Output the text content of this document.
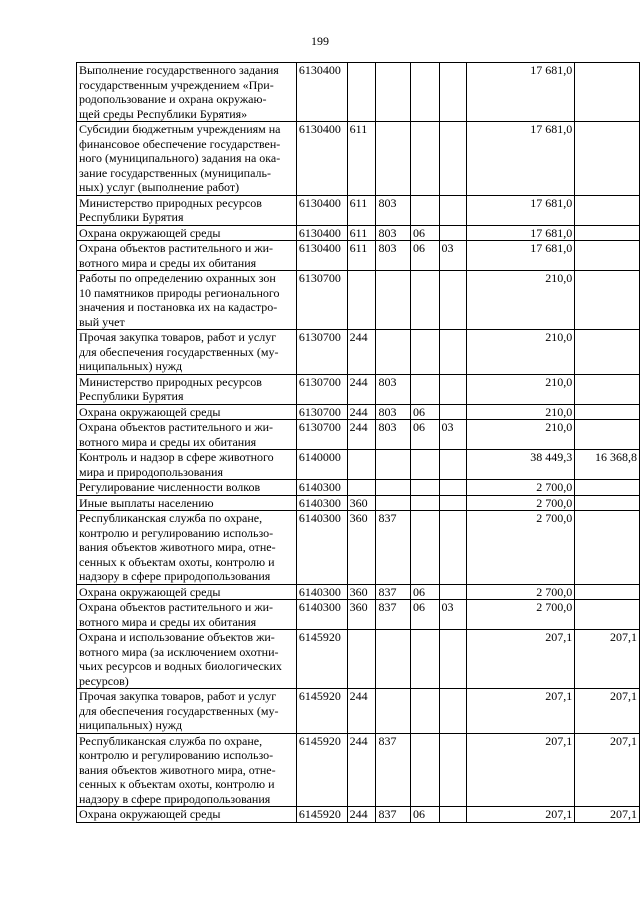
199
Выполнение государственного задания
государственным учреждением «При-
родопользование и охрана окружаю-
щей среды Республики Бурятия»	6130400					17 681,0	

Субсидии бюджетным учреждениям на
финансовое обеспечение государствен-
ного (муниципального) задания на ока-
зание государственных (муниципаль-
ных) услуг (выполнение работ)	6130400	611				17 681,0	

Министерство природных ресурсов
Республики Бурятия	6130400	611	803			17 681,0	

Охрана окружающей среды	6130400	611	803	06		17 681,0	

Охрана объектов растительного и жи-
вотного мира и среды их обитания	6130400	611	803	06	03	17 681,0	

Работы по определению охранных зон
10 памятников природы регионального
значения и постановка их на кадастро-
вый учет	6130700					210,0	

Прочая закупка товаров, работ и услуг
для обеспечения государственных (му-
ниципальных) нужд	6130700	244				210,0	

Министерство природных ресурсов
Республики Бурятия	6130700	244	803			210,0	

Охрана окружающей среды	6130700	244	803	06		210,0	

Охрана объектов растительного и жи-
вотного мира и среды их обитания	6130700	244	803	06	03	210,0	

Контроль и надзор в сфере животного
мира и природопользования	6140000					38 449,3	16 368,8

Регулирование численности волков	6140300					2 700,0	

Иные выплаты населению	6140300	360				2 700,0	

Республиканская служба по охране,
контролю и регулированию использо-
вания объектов животного мира, отне-
сенных к объектам охоты, контролю и
надзору в сфере природопользования	6140300	360	837			2 700,0	

Охрана окружающей среды	6140300	360	837	06		2 700,0	

Охрана объектов растительного и жи-
вотного мира и среды их обитания	6140300	360	837	06	03	2 700,0	

Охрана и использование объектов жи-
вотного мира (за исключением охотни-
чьих ресурсов и водных биологических
ресурсов)	6145920					207,1	207,1

Прочая закупка товаров, работ и услуг
для обеспечения государственных (му-
ниципальных) нужд	6145920	244				207,1	207,1

Республиканская служба по охране,
контролю и регулированию использо-
вания объектов животного мира, отне-
сенных к объектам охоты, контролю и
надзору в сфере природопользования	6145920	244	837			207,1	207,1

Охрана окружающей среды	6145920	244	837	06		207,1	207,1
